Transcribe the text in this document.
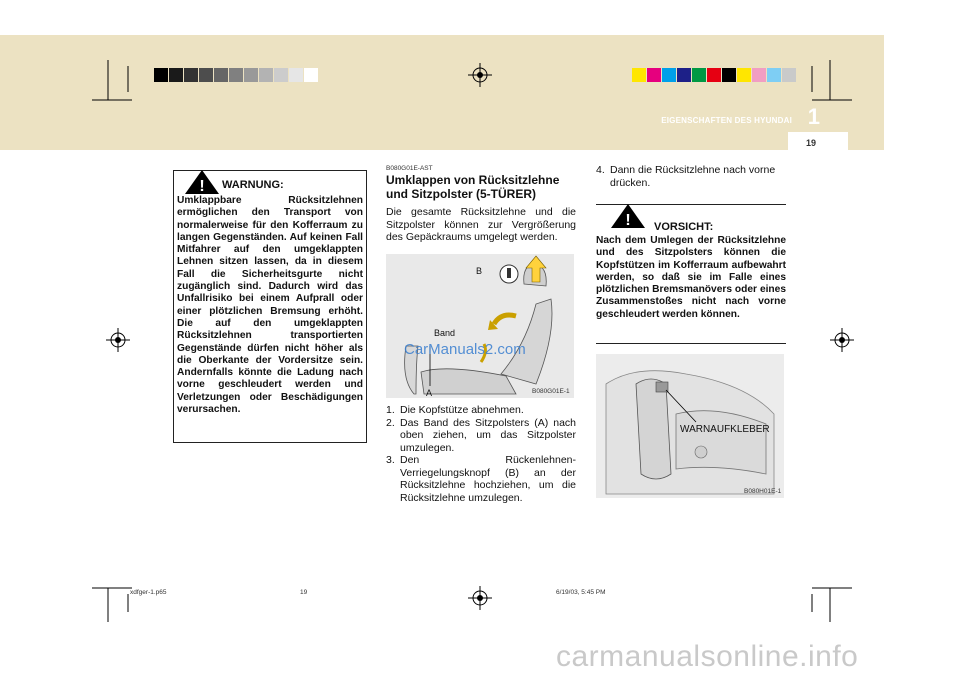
1
EIGENSCHAFTEN DES HYUNDAI
19
! WARNUNG:
Umklappbare Rücksitzlehnen ermöglichen den Transport von normalerweise für den Kofferraum zu langen Gegenständen. Auf keinen Fall Mitfahrer auf den umgeklappten Lehnen sitzen lassen, da in diesem Fall die Sicherheitsgurte nicht zugänglich sind. Dadurch wird das Unfallrisiko bei einem Aufprall oder einer plötzlichen Bremsung erhöht. Die auf den umgeklappten Rücksitzlehnen transportierten Gegenstände dürfen nicht höher als die Oberkante der Vordersitze sein. Andernfalls könnte die Ladung nach vorne geschleudert werden und Verletzungen oder Beschädigungen verursachen.
B080G01E-AST
Umklappen von Rücksitzlehne und Sitzpolster (5-TÜRER)
Die gesamte Rücksitzlehne und die Sitzpolster können zur Vergrößerung des Gepäckraums umgelegt werden.
B
Band
A	B080G01E-1
CarManuals2.com
1. Die Kopfstütze abnehmen.
2. Das Band des Sitzpolsters (A) nach oben ziehen, um das Sitzpolster umzulegen.
3. Den Rückenlehnen-Verriegelungsknopf (B) an der Rücksitzlehne hochziehen, um die Rücksitzlehne umzulegen.
4. Dann die Rücksitzlehne nach vorne drücken.
! VORSICHT:
Nach dem Umlegen der Rücksitzlehne und des Sitzpolsters können die Kopfstützen im Kofferraum aufbewahrt werden, so daß sie im Falle eines plötzlichen Bremsmanövers oder eines Zusammenstoßes nicht nach vorne geschleudert werden können.
WARNAUFKLEBER
B080H01E-1
xdfger-1.p65	19	6/19/03, 5:45 PM
carmanualsonline.info
